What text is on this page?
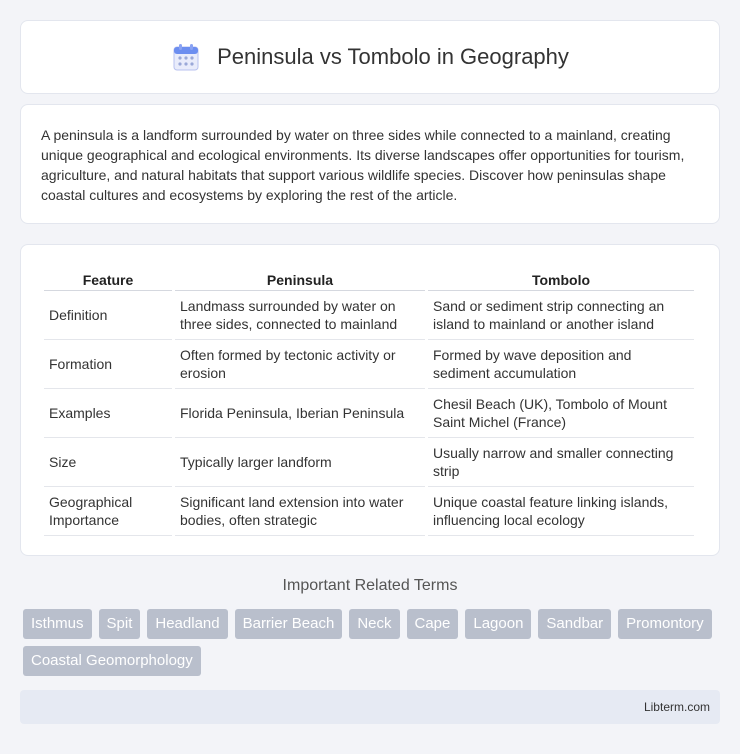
Peninsula vs Tombolo in Geography

A peninsula is a landform surrounded by water on three sides while connected to a mainland, creating unique geographical and ecological environments. Its diverse landscapes offer opportunities for tourism, agriculture, and natural habitats that support various wildlife species. Discover how peninsulas shape coastal cultures and ecosystems by exploring the rest of the article.

Feature	Peninsula	Tombolo
Definition	Landmass surrounded by water on three sides, connected to mainland	Sand or sediment strip connecting an island to mainland or another island
Formation	Often formed by tectonic activity or erosion	Formed by wave deposition and sediment accumulation
Examples	Florida Peninsula, Iberian Peninsula	Chesil Beach (UK), Tombolo of Mount Saint Michel (France)
Size	Typically larger landform	Usually narrow and smaller connecting strip
Geographical Importance	Significant land extension into water bodies, often strategic	Unique coastal feature linking islands, influencing local ecology
Important Related Terms
Isthmus	Spit	Headland	Barrier Beach	Neck	Cape	Lagoon	Sandbar	Promontory
Coastal Geomorphology
Libterm.com
